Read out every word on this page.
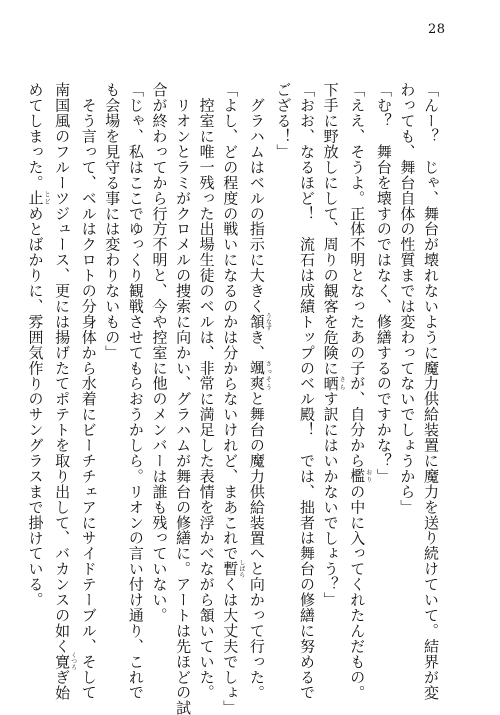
28
「んー？　じゃ、舞台が壊れないように魔力供給装置に魔力を送り続けていて。結界が変
わっても、舞台自体の性質までは変わってないでしょうから」
「む？　舞台を壊すのではなく、修繕するのですかな？」
「ええ、そうよ。正体不明となったあの子が、自分から檻おりの中に入ってくれたんだもの。
下手に野放しにして、周りの観客を危険に晒さらす訳にはいかないでしょう？」
「おお、なるほど！　流石は成績トップのベル殿！　では、拙者は舞台の修繕に努めるで
ござる！」
　グラハムはベルの指示に大きく頷うなずき、颯爽さっそうと舞台の魔力供給装置へと向かって行った。
「よし、どの程度の戦いになるのかは分からないけれど、まあこれで暫しばらくは大丈夫でしょ」
　控室に唯一残った出場生徒のベルは、非常に満足した表情を浮かべながら頷いていた。
　リオンとラミがクロメルの捜索に向かい、グラハムが舞台の修繕に。アートは先ほどの試
合が終わってから行方不明と、今や控室に他のメンバーは誰も残っていない。
「じゃ、私はここでゆっくり観戦させてもらおうかしら。リオンの言い付け通り、これで
も会場を見守る事には変わりないもの」
　そう言って、ベルはクロトの分身体から水着にビーチチェアにサイドテーブル、そして
南国風のフルーツジュース、更には揚げたてポテトを取り出して、バカンスの如く寛くつろぎ始
めてしまった。止とどめとばかりに、雰囲気作りのサングラスまで掛けている。
